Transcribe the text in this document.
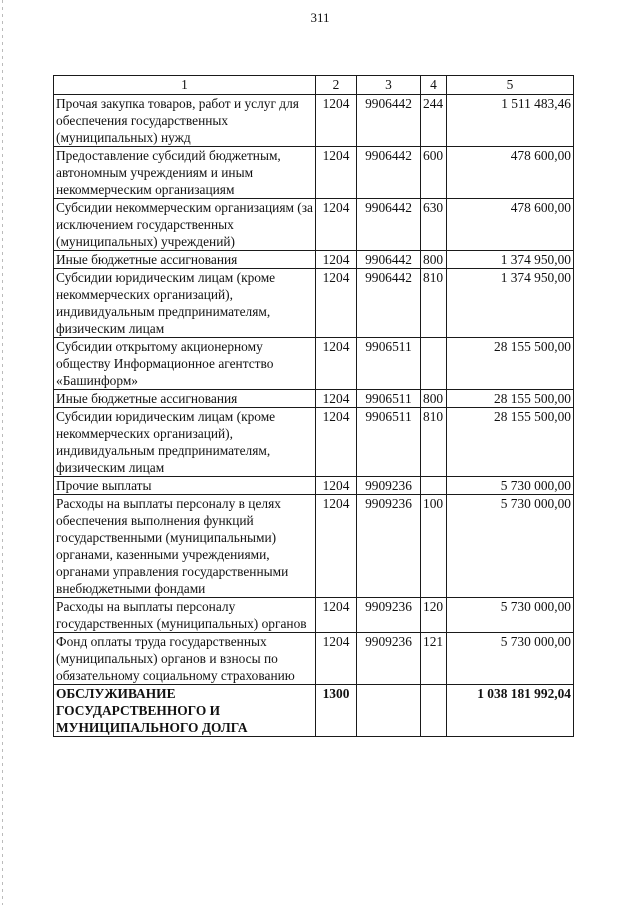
311
1	2	3	4	5
Прочая закупка товаров, работ и услуг для обеспечения государственных (муниципальных) нужд	1204	9906442	244	1 511 483,46
Предоставление субсидий бюджетным, автономным учреждениям и иным некоммерческим организациям	1204	9906442	600	478 600,00
Субсидии некоммерческим организациям (за исключением государственных (муниципальных) учреждений)	1204	9906442	630	478 600,00
Иные бюджетные ассигнования	1204	9906442	800	1 374 950,00
Субсидии юридическим лицам (кроме некоммерческих организаций), индивидуальным предпринимателям, физическим лицам	1204	9906442	810	1 374 950,00
Субсидии открытому акционерному обществу Информационное агентство «Башинформ»	1204	9906511		28 155 500,00
Иные бюджетные ассигнования	1204	9906511	800	28 155 500,00
Субсидии юридическим лицам (кроме некоммерческих организаций), индивидуальным предпринимателям, физическим лицам	1204	9906511	810	28 155 500,00
Прочие выплаты	1204	9909236		5 730 000,00
Расходы на выплаты персоналу в целях обеспечения выполнения функций государственными (муниципальными) органами, казенными учреждениями, органами управления государственными внебюджетными фондами	1204	9909236	100	5 730 000,00
Расходы на выплаты персоналу государственных (муниципальных) органов	1204	9909236	120	5 730 000,00
Фонд оплаты труда государственных (муниципальных) органов и взносы по обязательному социальному страхованию	1204	9909236	121	5 730 000,00
ОБСЛУЖИВАНИЕ ГОСУДАРСТВЕННОГО И МУНИЦИПАЛЬНОГО ДОЛГА	1300			1 038 181 992,04
